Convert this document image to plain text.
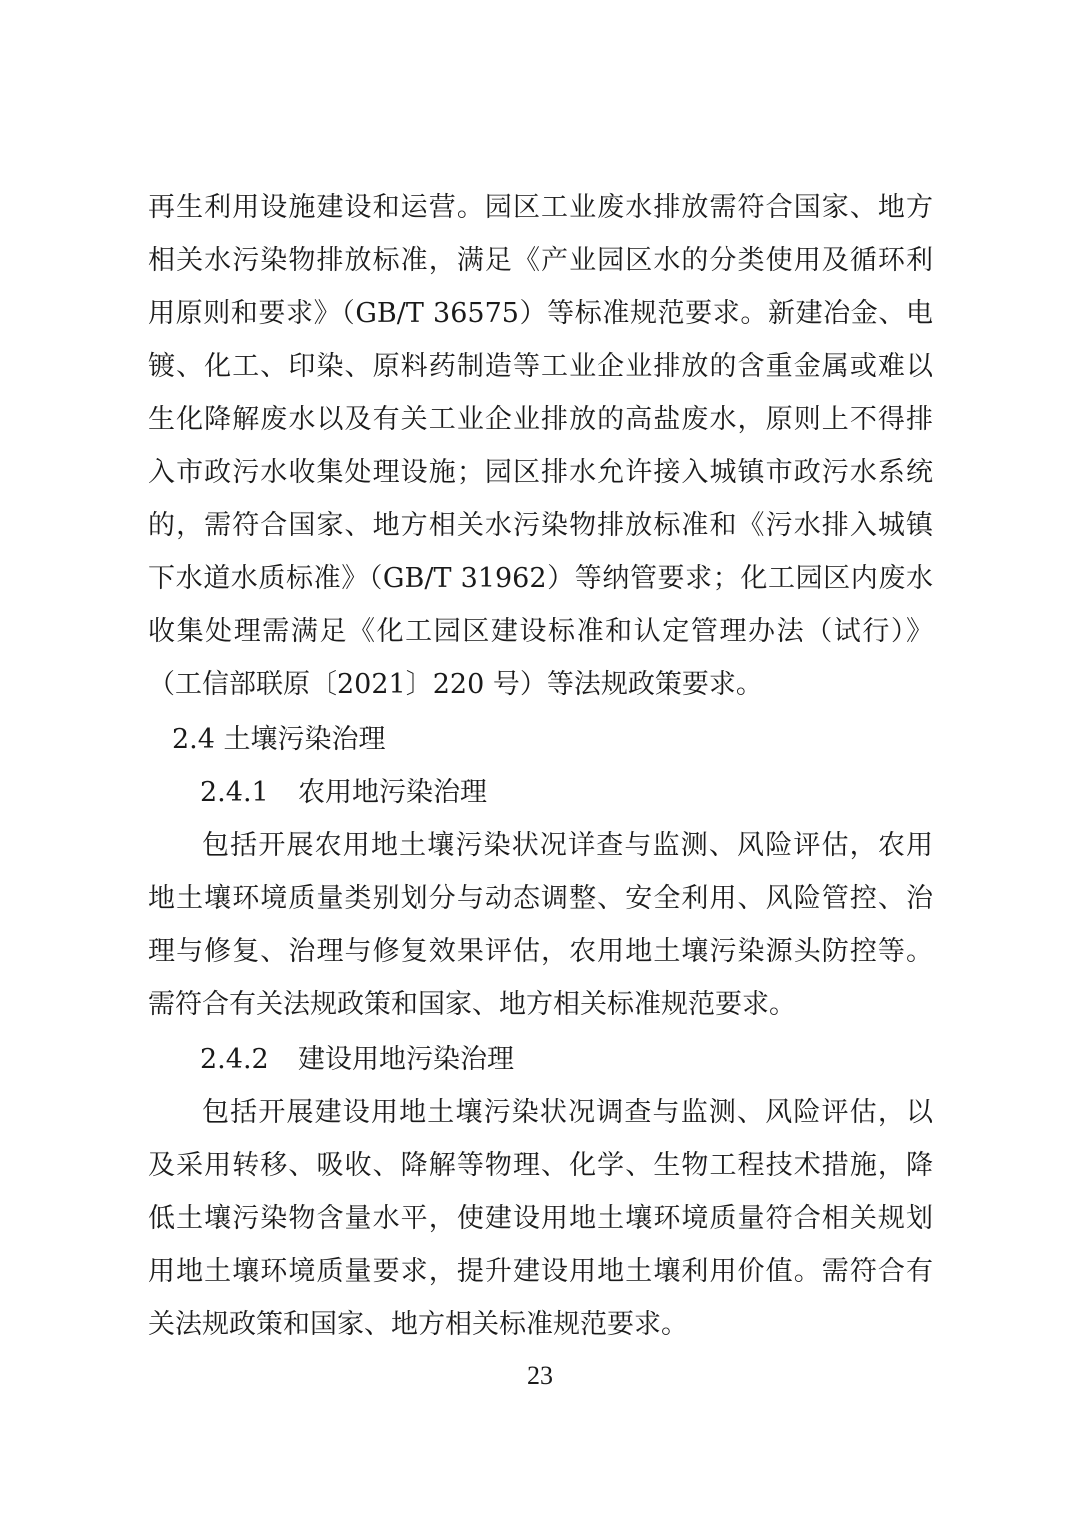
再生利用设施建设和运营。园区工业废水排放需符合国家、地方
相关水污染物排放标准，满足《产业园区水的分类使用及循环利
用原则和要求》（GB/T 36575）等标准规范要求。新建冶金、电
镀、化工、印染、原料药制造等工业企业排放的含重金属或难以
生化降解废水以及有关工业企业排放的高盐废水，原则上不得排
入市政污水收集处理设施；园区排水允许接入城镇市政污水系统
的，需符合国家、地方相关水污染物排放标准和《污水排入城镇
下水道水质标准》（GB/T 31962）等纳管要求；化工园区内废水
收集处理需满足《化工园区建设标准和认定管理办法（试行）》
（工信部联原〔2021〕220 号）等法规政策要求。
2.4 土壤污染治理
2.4.1 农用地污染治理
包括开展农用地土壤污染状况详查与监测、风险评估，农用
地土壤环境质量类别划分与动态调整、安全利用、风险管控、治
理与修复、治理与修复效果评估，农用地土壤污染源头防控等。
需符合有关法规政策和国家、地方相关标准规范要求。
2.4.2 建设用地污染治理
包括开展建设用地土壤污染状况调查与监测、风险评估，以
及采用转移、吸收、降解等物理、化学、生物工程技术措施，降
低土壤污染物含量水平，使建设用地土壤环境质量符合相关规划
用地土壤环境质量要求，提升建设用地土壤利用价值。需符合有
关法规政策和国家、地方相关标准规范要求。
23
